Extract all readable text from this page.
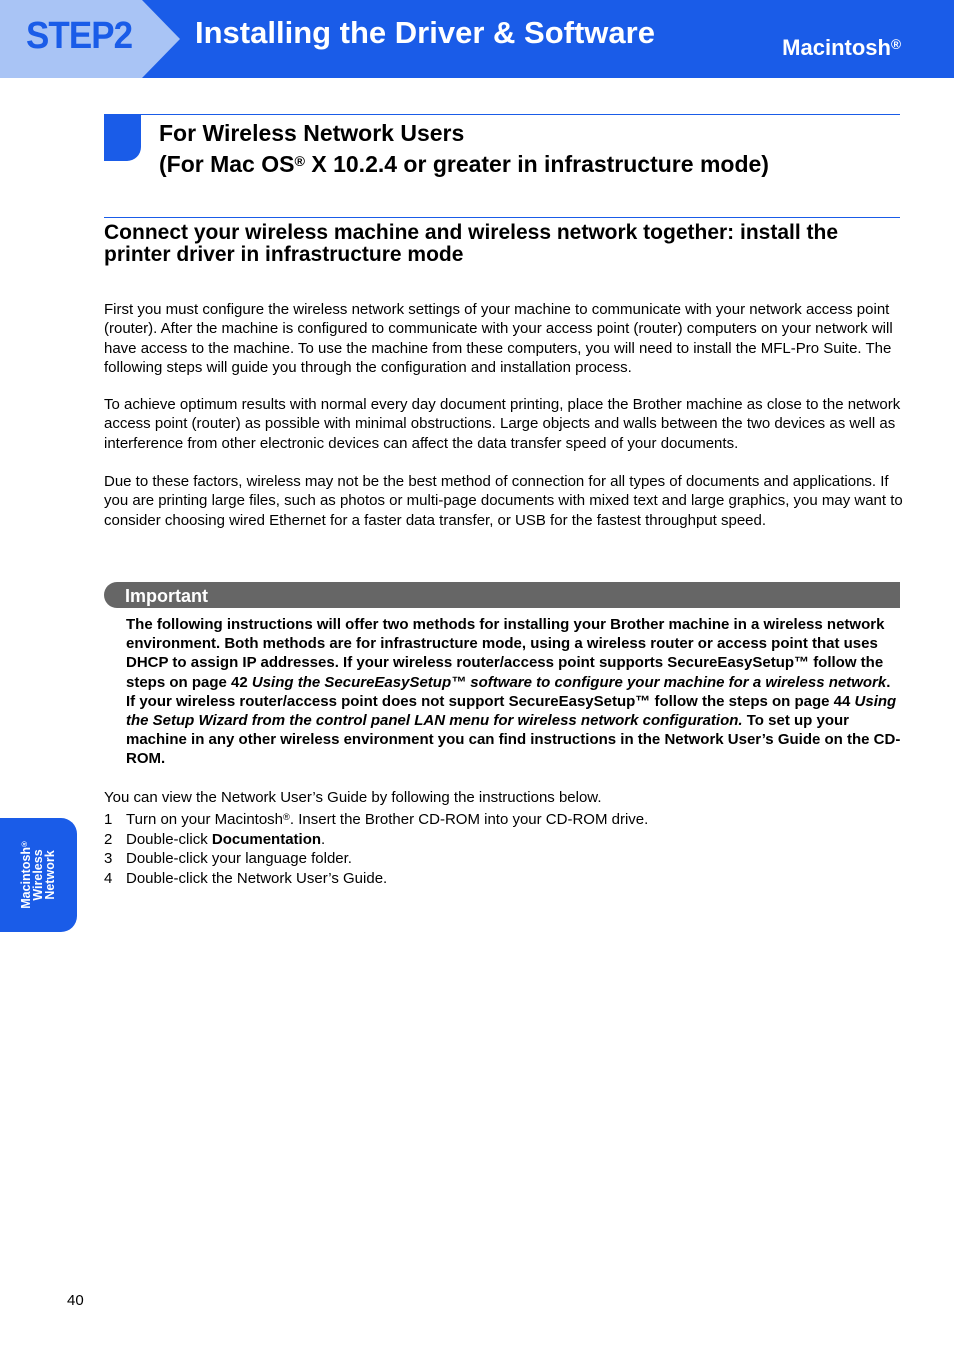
STEP2 Installing the Driver & Software	Macintosh®
For Wireless Network Users
(For Mac OS® X 10.2.4 or greater in infrastructure mode)
Connect your wireless machine and wireless network together: install the printer driver in infrastructure mode

First you must configure the wireless network settings of your machine to communicate with your network access point (router). After the machine is configured to communicate with your access point (router) computers on your network will have access to the machine. To use the machine from these computers, you will need to install the MFL-Pro Suite. The following steps will guide you through the configuration and installation process.

To achieve optimum results with normal every day document printing, place the Brother machine as close to the network access point (router) as possible with minimal obstructions. Large objects and walls between the two devices as well as interference from other electronic devices can affect the data transfer speed of your documents.

Due to these factors, wireless may not be the best method of connection for all types of documents and applications. If you are printing large files, such as photos or multi-page documents with mixed text and large graphics, you may want to consider choosing wired Ethernet for a faster data transfer, or USB for the fastest throughput speed.

Important

The following instructions will offer two methods for installing your Brother machine in a wireless network environment. Both methods are for infrastructure mode, using a wireless router or access point that uses DHCP to assign IP addresses. If your wireless router/access point supports SecureEasySetup™ follow the steps on page 42 Using the SecureEasySetup™ software to configure your machine for a wireless network. If your wireless router/access point does not support SecureEasySetup™ follow the steps on page 44 Using the Setup Wizard from the control panel LAN menu for wireless network configuration. To set up your machine in any other wireless environment you can find instructions in the Network User’s Guide on the CD-ROM.

You can view the Network User’s Guide by following the instructions below.

1 Turn on your Macintosh®. Insert the Brother CD-ROM into your CD-ROM drive.
2 Double-click Documentation.
3 Double-click your language folder.
4 Double-click the Network User’s Guide.
Macintosh®
Wireless
Network
40
